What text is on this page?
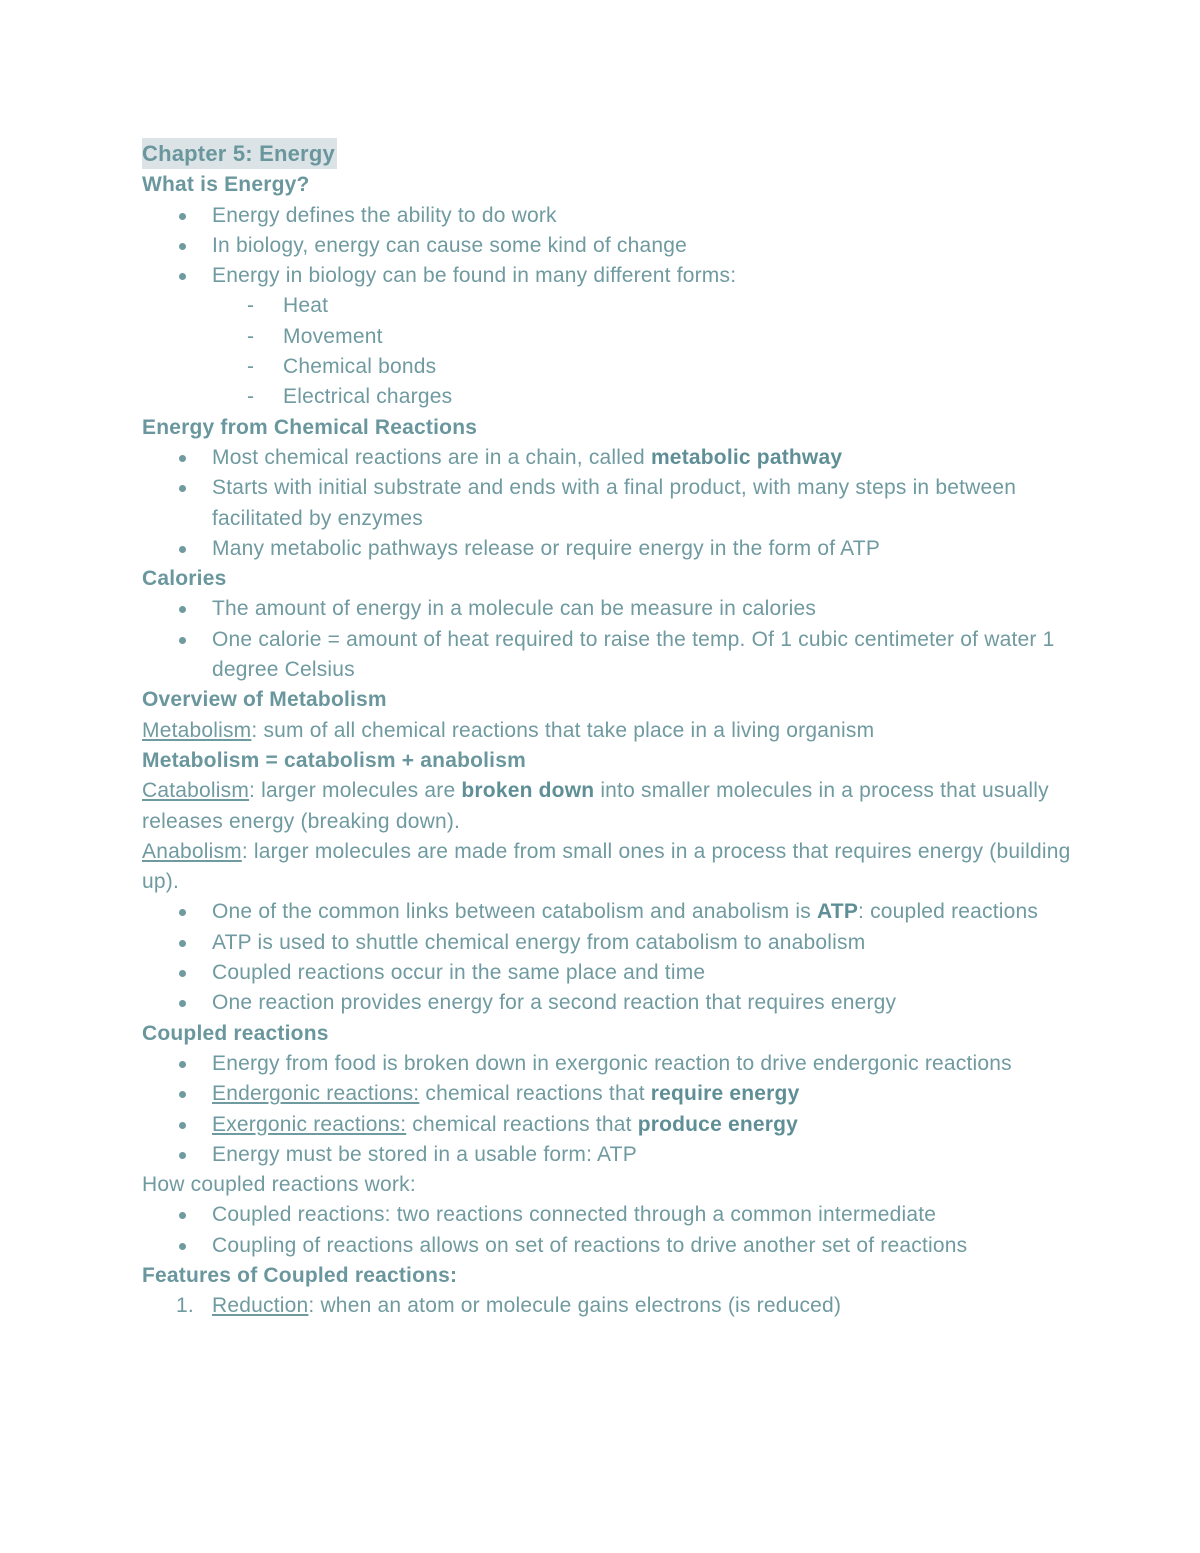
Chapter 5: Energy
What is Energy?
Energy defines the ability to do work
In biology, energy can cause some kind of change
Energy in biology can be found in many different forms:
- Heat
- Movement
- Chemical bonds
- Electrical charges
Energy from Chemical Reactions
Most chemical reactions are in a chain, called metabolic pathway
Starts with initial substrate and ends with a final product, with many steps in between facilitated by enzymes
Many metabolic pathways release or require energy in the form of ATP
Calories
The amount of energy in a molecule can be measure in calories
One calorie = amount of heat required to raise the temp. Of 1 cubic centimeter of water 1 degree Celsius
Overview of Metabolism

Metabolism: sum of all chemical reactions that take place in a living organism

Metabolism = catabolism + anabolism

Catabolism: larger molecules are broken down into smaller molecules in a process that usually releases energy (breaking down).

Anabolism: larger molecules are made from small ones in a process that requires energy (building up).

One of the common links between catabolism and anabolism is ATP: coupled reactions
ATP is used to shuttle chemical energy from catabolism to anabolism
Coupled reactions occur in the same place and time
One reaction provides energy for a second reaction that requires energy
Coupled reactions
Energy from food is broken down in exergonic reaction to drive endergonic reactions
Endergonic reactions: chemical reactions that require energy
Exergonic reactions: chemical reactions that produce energy
Energy must be stored in a usable form: ATP

How coupled reactions work:

Coupled reactions: two reactions connected through a common intermediate
Coupling of reactions allows on set of reactions to drive another set of reactions
Features of Coupled reactions:
1. Reduction: when an atom or molecule gains electrons (is reduced)
